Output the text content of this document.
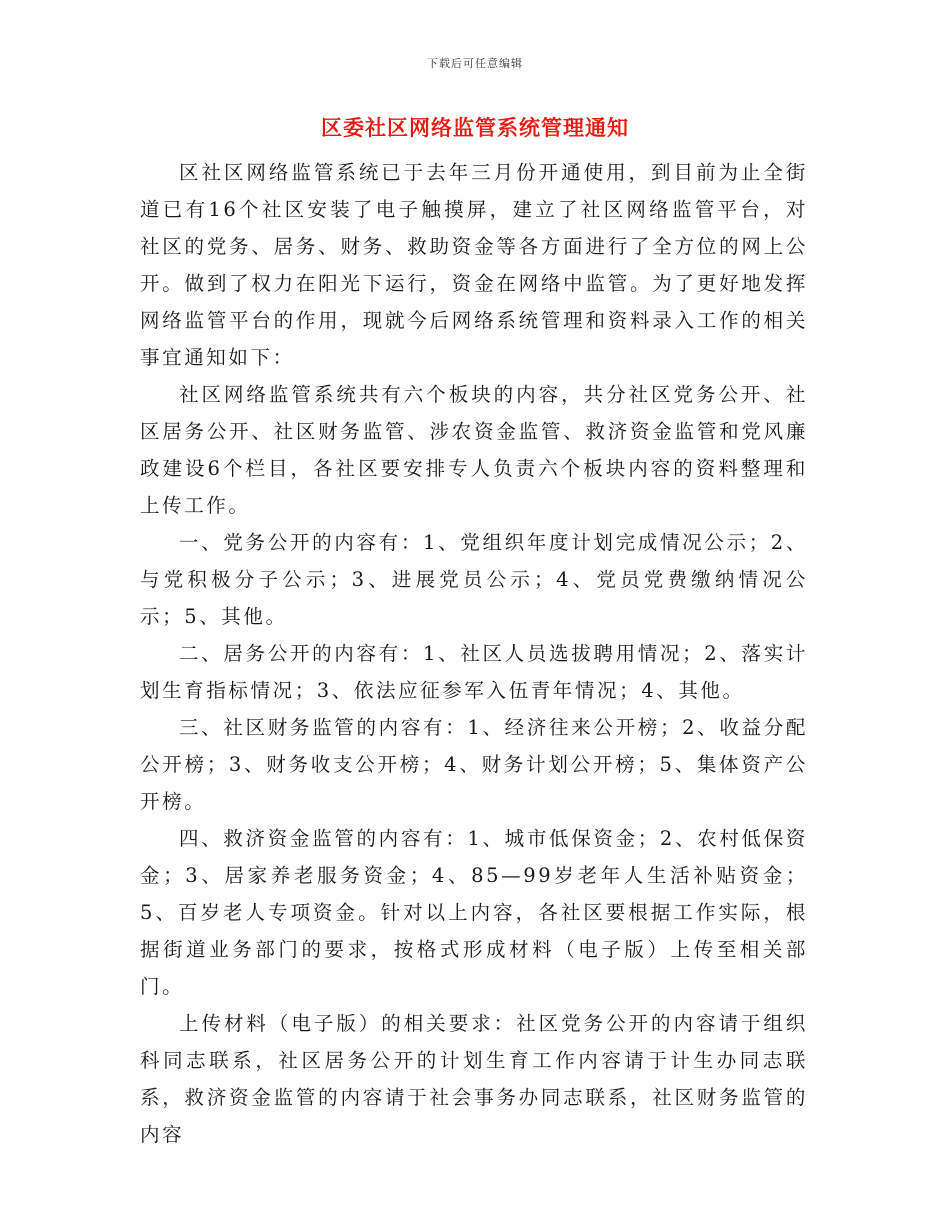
下载后可任意编辑
区委社区网络监管系统管理通知

区社区网络监管系统已于去年三月份开通使用，到目前为止全街道已有16个社区安装了电子触摸屏，建立了社区网络监管平台，对社区的党务、居务、财务、救助资金等各方面进行了全方位的网上公开。做到了权力在阳光下运行，资金在网络中监管。为了更好地发挥网络监管平台的作用，现就今后网络系统管理和资料录入工作的相关事宜通知如下：

社区网络监管系统共有六个板块的内容，共分社区党务公开、社区居务公开、社区财务监管、涉农资金监管、救济资金监管和党风廉政建设6个栏目，各社区要安排专人负责六个板块内容的资料整理和上传工作。

一、党务公开的内容有：1、党组织年度计划完成情况公示；2、与党积极分子公示；3、进展党员公示；4、党员党费缴纳情况公示；5、其他。

二、居务公开的内容有：1、社区人员选拔聘用情况；2、落实计划生育指标情况；3、依法应征参军入伍青年情况；4、其他。

三、社区财务监管的内容有：1、经济往来公开榜；2、收益分配公开榜；3、财务收支公开榜；4、财务计划公开榜；5、集体资产公开榜。

四、救济资金监管的内容有：1、城市低保资金；2、农村低保资金；3、居家养老服务资金；4、85—99岁老年人生活补贴资金；5、百岁老人专项资金。针对以上内容，各社区要根据工作实际，根据街道业务部门的要求，按格式形成材料（电子版）上传至相关部门。

上传材料（电子版）的相关要求：社区党务公开的内容请于组织科同志联系，社区居务公开的计划生育工作内容请于计生办同志联系，救济资金监管的内容请于社会事务办同志联系，社区财务监管的内容
